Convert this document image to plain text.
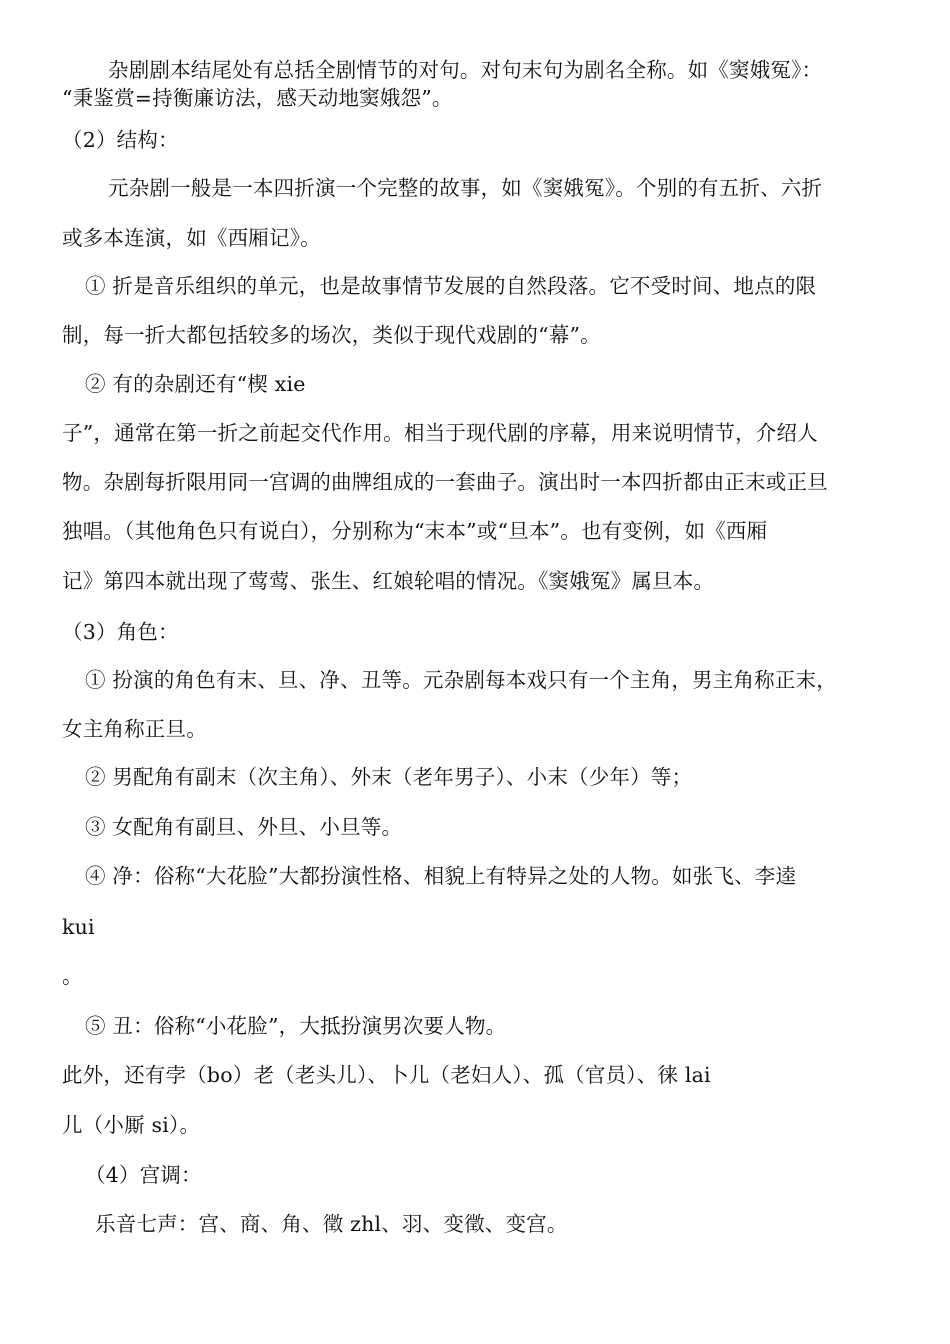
杂剧剧本结尾处有总括全剧情节的对句。对句末句为剧名全称。如《窦娥冤》：
“秉鉴赏=持衡廉访法，感天动地窦娥怨”。
（2）结构：
元杂剧一般是一本四折演一个完整的故事，如《窦娥冤》。个别的有五折、六折
或多本连演，如《西厢记》。
① 折是音乐组织的单元，也是故事情节发展的自然段落。它不受时间、地点的限
制，每一折大都包括较多的场次，类似于现代戏剧的“幕”。
② 有的杂剧还有“楔 xie
子”，通常在第一折之前起交代作用。相当于现代剧的序幕，用来说明情节，介绍人
物。杂剧每折限用同一宫调的曲牌组成的一套曲子。演出时一本四折都由正末或正旦
独唱。（其他角色只有说白），分别称为“末本”或“旦本”。也有变例，如《西厢
记》第四本就出现了莺莺、张生、红娘轮唱的情况。《窦娥冤》属旦本。
（3）角色：
① 扮演的角色有末、旦、净、丑等。元杂剧每本戏只有一个主角，男主角称正末，
女主角称正旦。
② 男配角有副末（次主角）、外末（老年男子）、小末（少年）等；
③ 女配角有副旦、外旦、小旦等。
④ 净：俗称“大花脸”大都扮演性格、相貌上有特异之处的人物。如张飞、李逵
kui
。
⑤ 丑：俗称“小花脸”，大抵扮演男次要人物。
此外，还有孛（bo）老（老头儿）、卜儿（老妇人）、孤（官员）、徕 lai
儿（小厮 si）。
（4）宫调：
乐音七声：宫、商、角、徵 zhl、羽、变徵、变宫。
